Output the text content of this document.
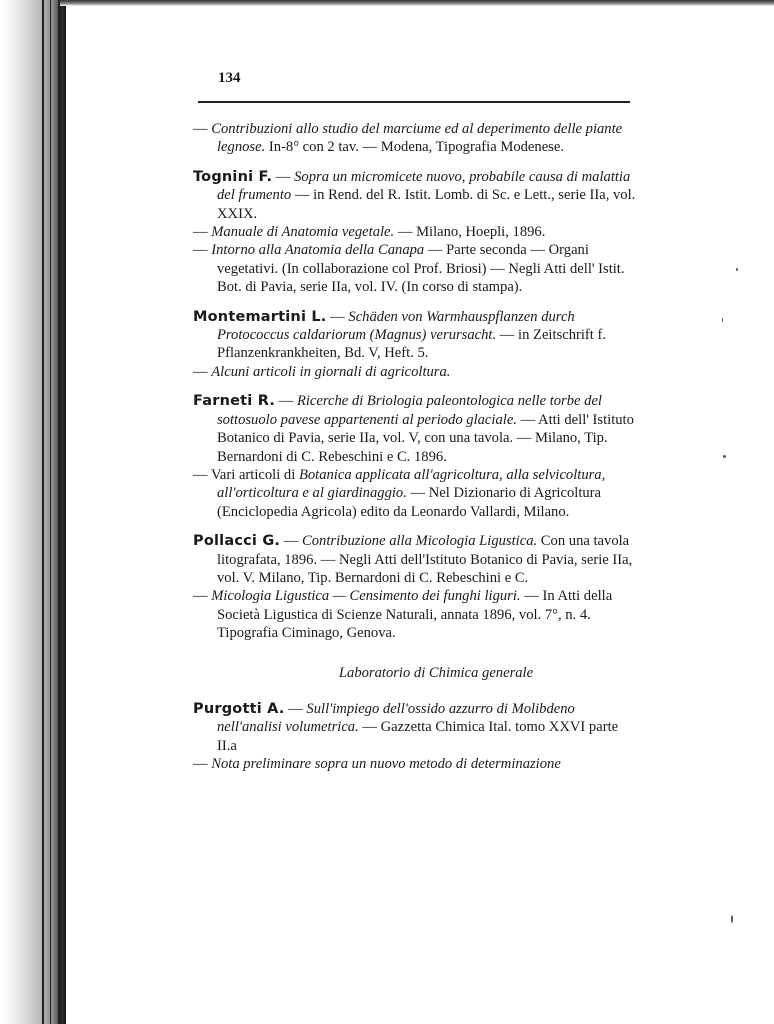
134

— Contribuzioni allo studio del marciume ed al deperimento delle piante legnose. In-8° con 2 tav. — Modena, Tipografia Modenese.

Tognini F. — Sopra un micromicete nuovo, probabile causa di malattia del frumento — in Rend. del R. Istit. Lomb. di Sc. e Lett., serie IIa, vol. XXIX.

— Manuale di Anatomia vegetale. — Milano, Hoepli, 1896.

— Intorno alla Anatomia della Canapa — Parte seconda — Organi vegetativi. (In collaborazione col Prof. Briosi) — Negli Atti dell' Istit. Bot. di Pavia, serie IIa, vol. IV. (In corso di stampa).

Montemartini L. — Schäden von Warmhauspflanzen durch Protococcus caldariorum (Magnus) verursacht. — in Zeitschrift f. Pflanzenkrankheiten, Bd. V, Heft. 5.

— Alcuni articoli in giornali di agricoltura.

Farneti R. — Ricerche di Briologia paleontologica nelle torbe del sottosuolo pavese appartenenti al periodo glaciale. — Atti dell' Istituto Botanico di Pavia, serie IIa, vol. V, con una tavola. — Milano, Tip. Bernardoni di C. Rebeschini e C. 1896.

— Vari articoli di Botanica applicata all'agricoltura, alla selvicoltura, all'orticoltura e al giardinaggio. — Nel Dizionario di Agricoltura (Enciclopedia Agricola) edito da Leonardo Vallardi, Milano.

Pollacci G. — Contribuzione alla Micologia Ligustica. Con una tavola litografata, 1896. — Negli Atti dell'Istituto Botanico di Pavia, serie IIa, vol. V. Milano, Tip. Bernardoni di C. Rebeschini e C.

— Micologia Ligustica — Censimento dei funghi liguri. — In Atti della Società Ligustica di Scienze Naturali, annata 1896, vol. 7°, n. 4. Tipografia Ciminago, Genova.

Laboratorio di Chimica generale

Purgotti A. — Sull'impiego dell'ossido azzurro di Molibdeno nell'analisi volumetrica. — Gazzetta Chimica Ital. tomo XXVI parte II.a

— Nota preliminare sopra un nuovo metodo di determinazione
